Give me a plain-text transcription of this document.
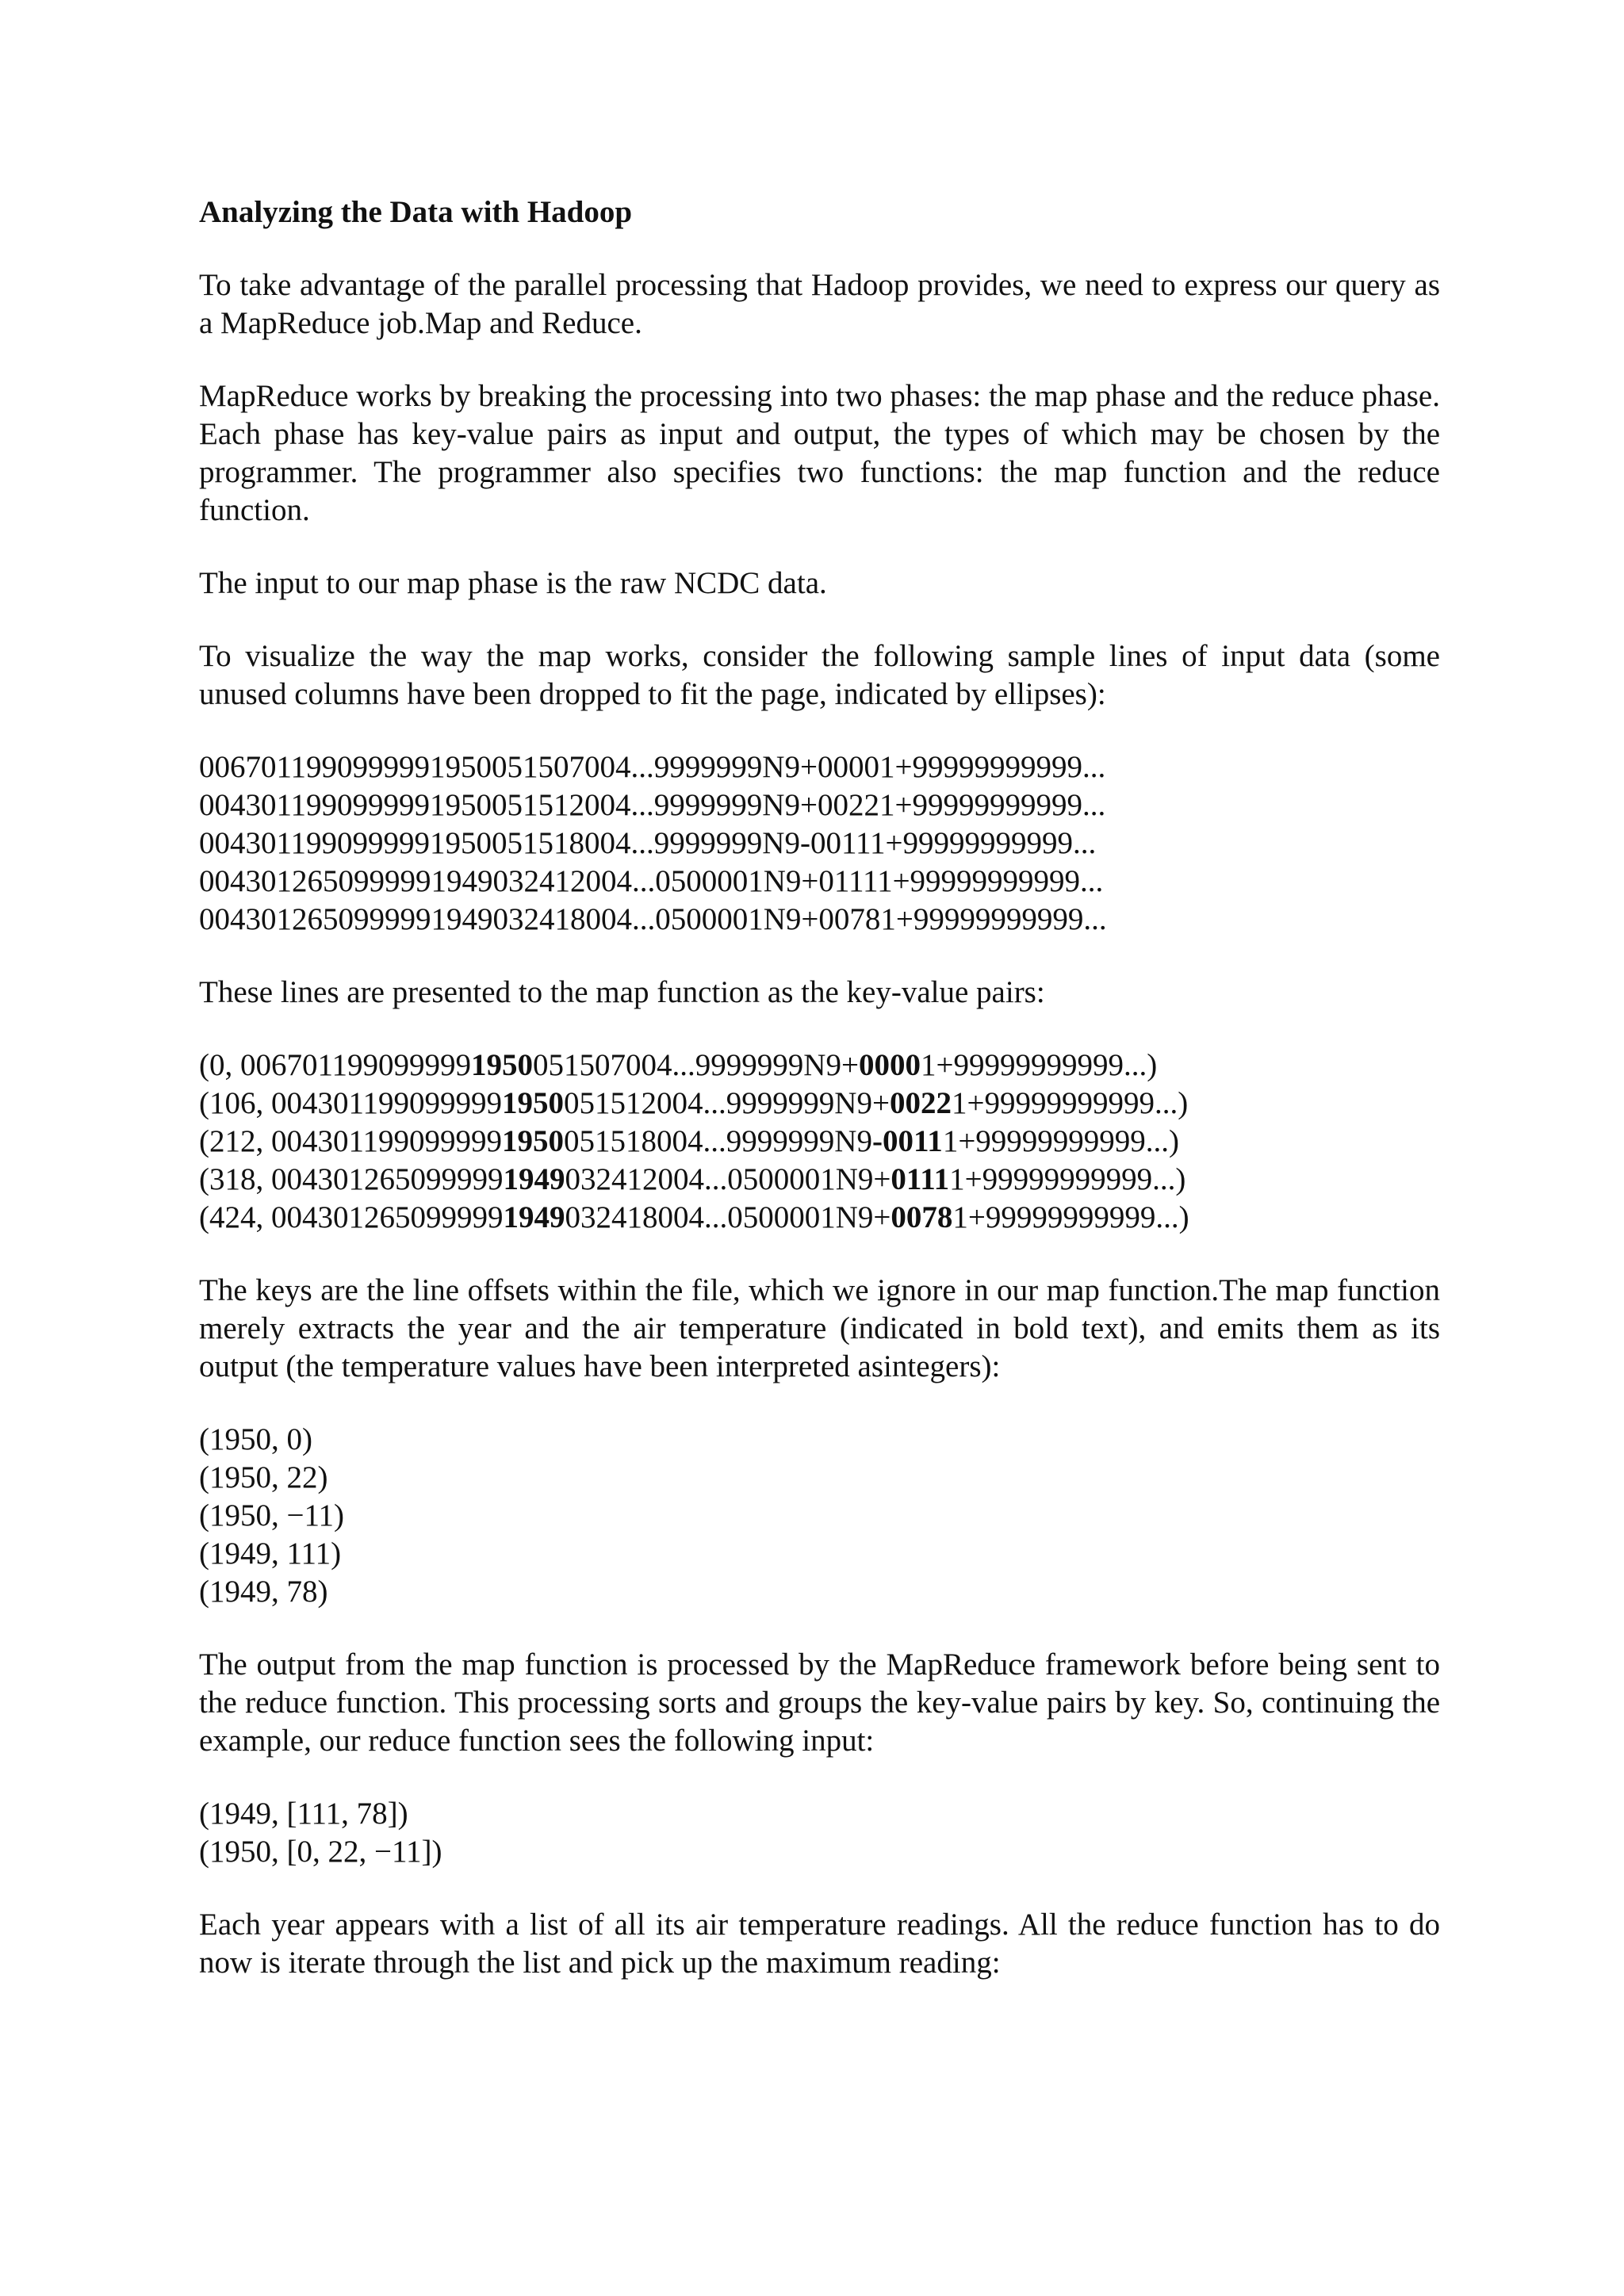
Analyzing the Data with Hadoop

To take advantage of the parallel processing that Hadoop provides, we need to express our query as a MapReduce job.Map and Reduce.

MapReduce works by breaking the processing into two phases: the map phase and the reduce phase. Each phase has key-value pairs as input and output, the types of which may be chosen by the programmer. The programmer also specifies two functions: the map function and the reduce function.

The input to our map phase is the raw NCDC data.

To visualize the way the map works, consider the following sample lines of input data (some unused columns have been dropped to fit the page, indicated by ellipses):

0067011990999991950051507004...9999999N9+00001+99999999999...
0043011990999991950051512004...9999999N9+00221+99999999999...
0043011990999991950051518004...9999999N9-00111+99999999999...
0043012650999991949032412004...0500001N9+01111+99999999999...
0043012650999991949032418004...0500001N9+00781+99999999999...

These lines are presented to the map function as the key-value pairs:

(0, 0067011990999991950051507004...9999999N9+00001+99999999999...)
(106, 0043011990999991950051512004...9999999N9+00221+99999999999...)
(212, 0043011990999991950051518004...9999999N9-00111+99999999999...)
(318, 0043012650999991949032412004...0500001N9+01111+99999999999...)
(424, 0043012650999991949032418004...0500001N9+00781+99999999999...)

The keys are the line offsets within the file, which we ignore in our map function.The map function merely extracts the year and the air temperature (indicated in bold text), and emits them as its output (the temperature values have been interpreted asintegers):

(1950, 0)
(1950, 22)
(1950, −11)
(1949, 111)
(1949, 78)

The output from the map function is processed by the MapReduce framework before being sent to the reduce function. This processing sorts and groups the key-value pairs by key. So, continuing the example, our reduce function sees the following input:

(1949, [111, 78])
(1950, [0, 22, −11])

Each year appears with a list of all its air temperature readings. All the reduce function has to do now is iterate through the list and pick up the maximum reading:
